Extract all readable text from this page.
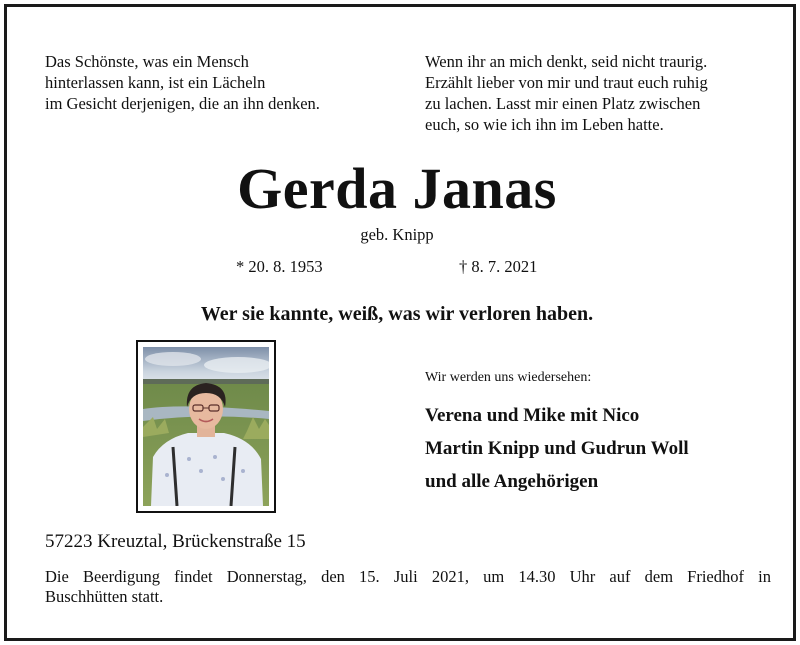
Das Schönste, was ein Mensch
hinterlassen kann, ist ein Lächeln
im Gesicht derjenigen, die an ihn denken.
Wenn ihr an mich denkt, seid nicht traurig.
Erzählt lieber von mir und traut euch ruhig
zu lachen. Lasst mir einen Platz zwischen
euch, so wie ich ihn im Leben hatte.
Gerda Janas
geb. Knipp
* 20. 8. 1953	† 8. 7. 2021
Wer sie kannte, weiß, was wir verloren haben.
Wir werden uns wiedersehen:
Verena und Mike mit Nico
Martin Knipp und Gudrun Woll
und alle Angehörigen
57223 Kreuztal, Brückenstraße 15
Die Beerdigung findet Donnerstag, den 15. Juli 2021, um 14.30 Uhr auf dem Friedhof in
Buschhütten statt.
